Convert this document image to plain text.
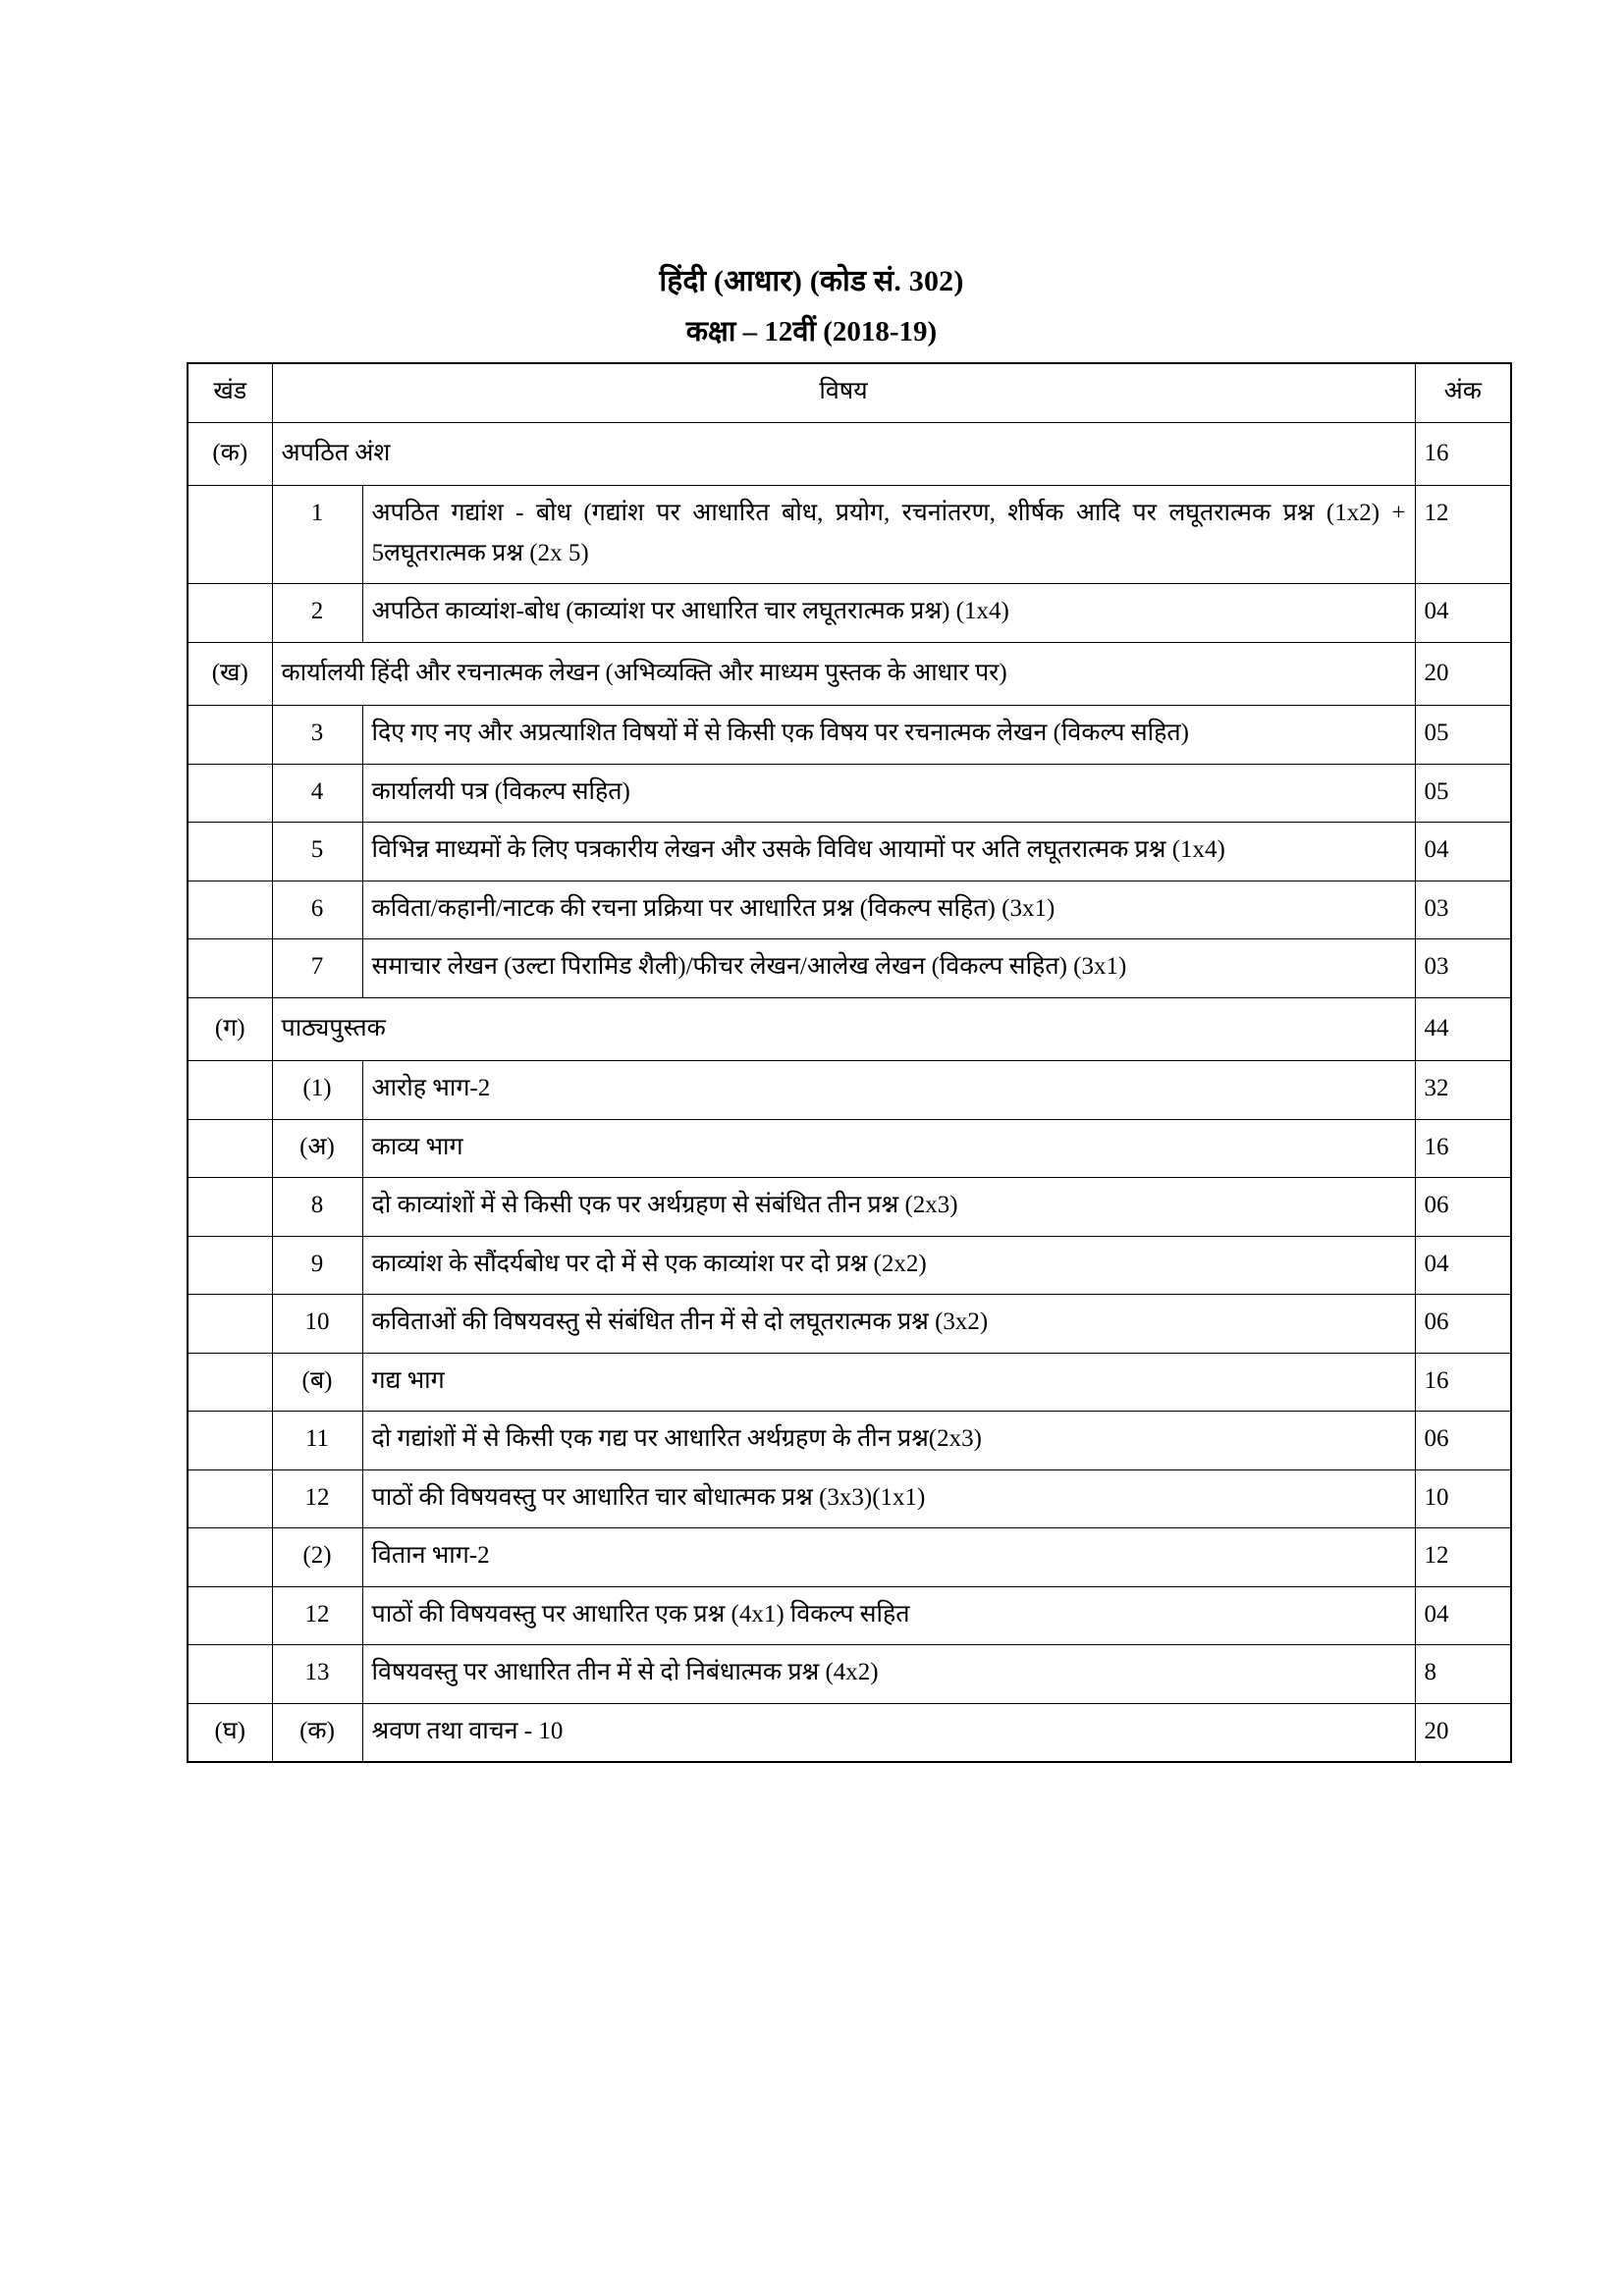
हिंदी (आधार) (कोड सं. 302)
कक्षा – 12वीं (2018-19)
खंड	विषय		अंक
(क)	अपठित अंश		16
	1	अपठित गद्यांश - बोध (गद्यांश पर आधारित बोध, प्रयोग, रचनांतरण, शीर्षक आदि पर लघूतरात्मक प्रश्न (1x2) + 5लघूतरात्मक प्रश्न (2x 5)	12
	2	अपठित काव्यांश-बोध (काव्यांश पर आधारित चार लघूतरात्मक प्रश्न) (1x4)	04
(ख)	कार्यालयी हिंदी और रचनात्मक लेखन (अभिव्यक्ति और माध्यम पुस्तक के आधार पर)		20
	3	दिए गए नए और अप्रत्याशित विषयों में से किसी एक विषय पर रचनात्मक लेखन (विकल्प सहित)	05
	4	कार्यालयी पत्र (विकल्प सहित)	05
	5	विभिन्न माध्यमों के लिए पत्रकारीय लेखन और उसके विविध आयामों पर अति लघूतरात्मक प्रश्न (1x4)	04
	6	कविता/कहानी/नाटक की रचना प्रक्रिया पर आधारित प्रश्न (विकल्प सहित) (3x1)	03
	7	समाचार लेखन (उल्टा पिरामिड शैली)/फीचर लेखन/आलेख लेखन (विकल्प सहित) (3x1)	03
(ग)	पाठ्यपुस्तक		44
	(1)	आरोह भाग-2	32
	(अ)	काव्य भाग	16
	8	दो काव्यांशों में से किसी एक पर अर्थग्रहण से संबंधित तीन प्रश्न (2x3)	06
	9	काव्यांश के सौंदर्यबोध पर दो में से एक काव्यांश पर दो प्रश्न (2x2)	04
	10	कविताओं की विषयवस्तु से संबंधित तीन में से दो लघूतरात्मक प्रश्न (3x2)	06
	(ब)	गद्य भाग	16
	11	दो गद्यांशों में से किसी एक गद्य पर आधारित अर्थग्रहण के तीन प्रश्न(2x3)	06
	12	पाठों की विषयवस्तु पर आधारित चार बोधात्मक प्रश्न (3x3)(1x1)	10
	(2)	वितान भाग-2	12
	12	पाठों की विषयवस्तु पर आधारित एक प्रश्न (4x1) विकल्प सहित	04
	13	विषयवस्तु पर आधारित तीन में से दो निबंधात्मक प्रश्न (4x2)	8
(घ)	(क)	श्रवण तथा वाचन - 10	20
